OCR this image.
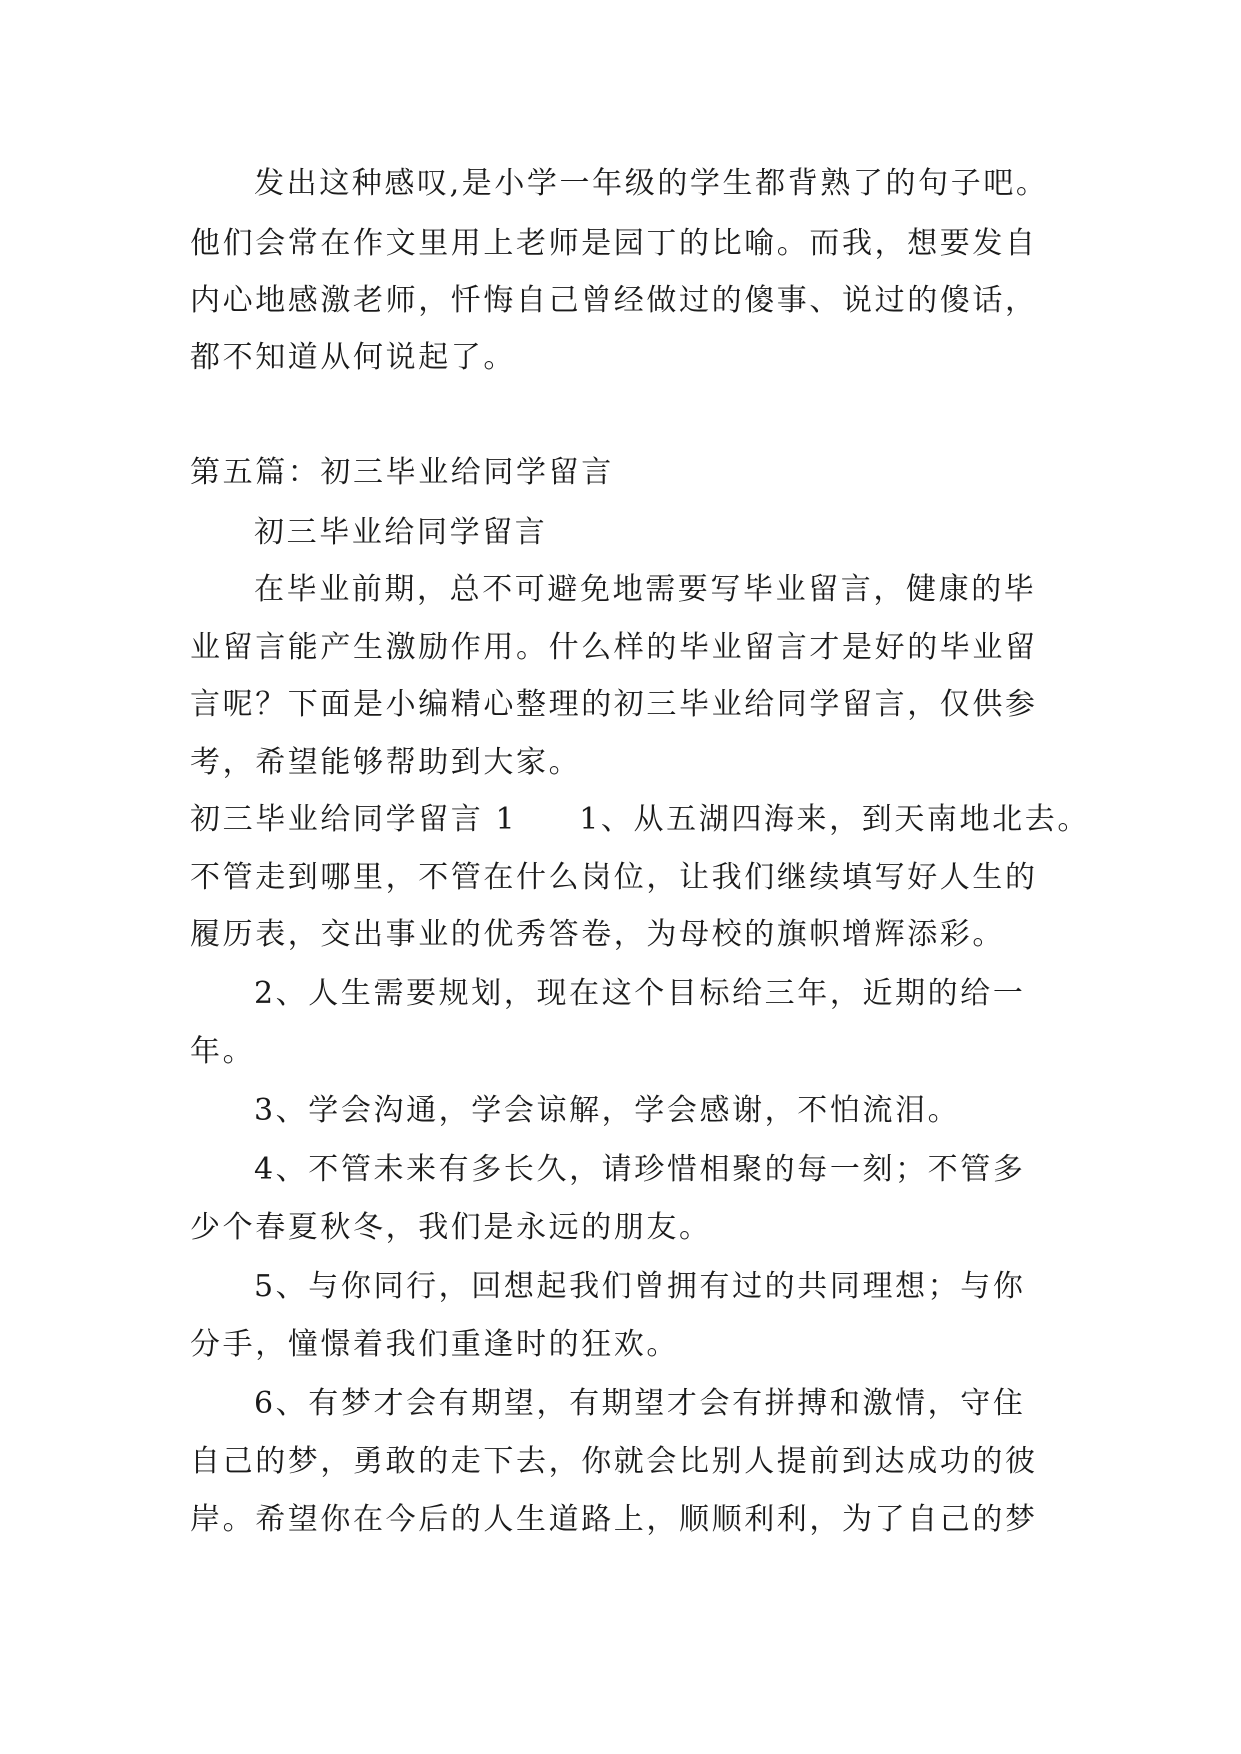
发出这种感叹,是小学一年级的学生都背熟了的句子吧。

他们会常在作文里用上老师是园丁的比喻。而我，想要发自

内心地感激老师，忏悔自己曾经做过的傻事、说过的傻话，

都不知道从何说起了。

第五篇：初三毕业给同学留言

初三毕业给同学留言

在毕业前期，总不可避免地需要写毕业留言，健康的毕

业留言能产生激励作用。什么样的毕业留言才是好的毕业留

言呢？下面是小编精心整理的初三毕业给同学留言，仅供参

考，希望能够帮助到大家。

初三毕业给同学留言 1 1、从五湖四海来，到天南地北去。

不管走到哪里，不管在什么岗位，让我们继续填写好人生的

履历表，交出事业的优秀答卷，为母校的旗帜增辉添彩。

2、人生需要规划，现在这个目标给三年，近期的给一

年。

3、学会沟通，学会谅解，学会感谢，不怕流泪。

4、不管未来有多长久，请珍惜相聚的每一刻；不管多

少个春夏秋冬，我们是永远的朋友。

5、与你同行，回想起我们曾拥有过的共同理想；与你

分手，憧憬着我们重逢时的狂欢。

6、有梦才会有期望，有期望才会有拼搏和激情，守住

自己的梦，勇敢的走下去，你就会比别人提前到达成功的彼

岸。希望你在今后的人生道路上，顺顺利利，为了自己的梦
